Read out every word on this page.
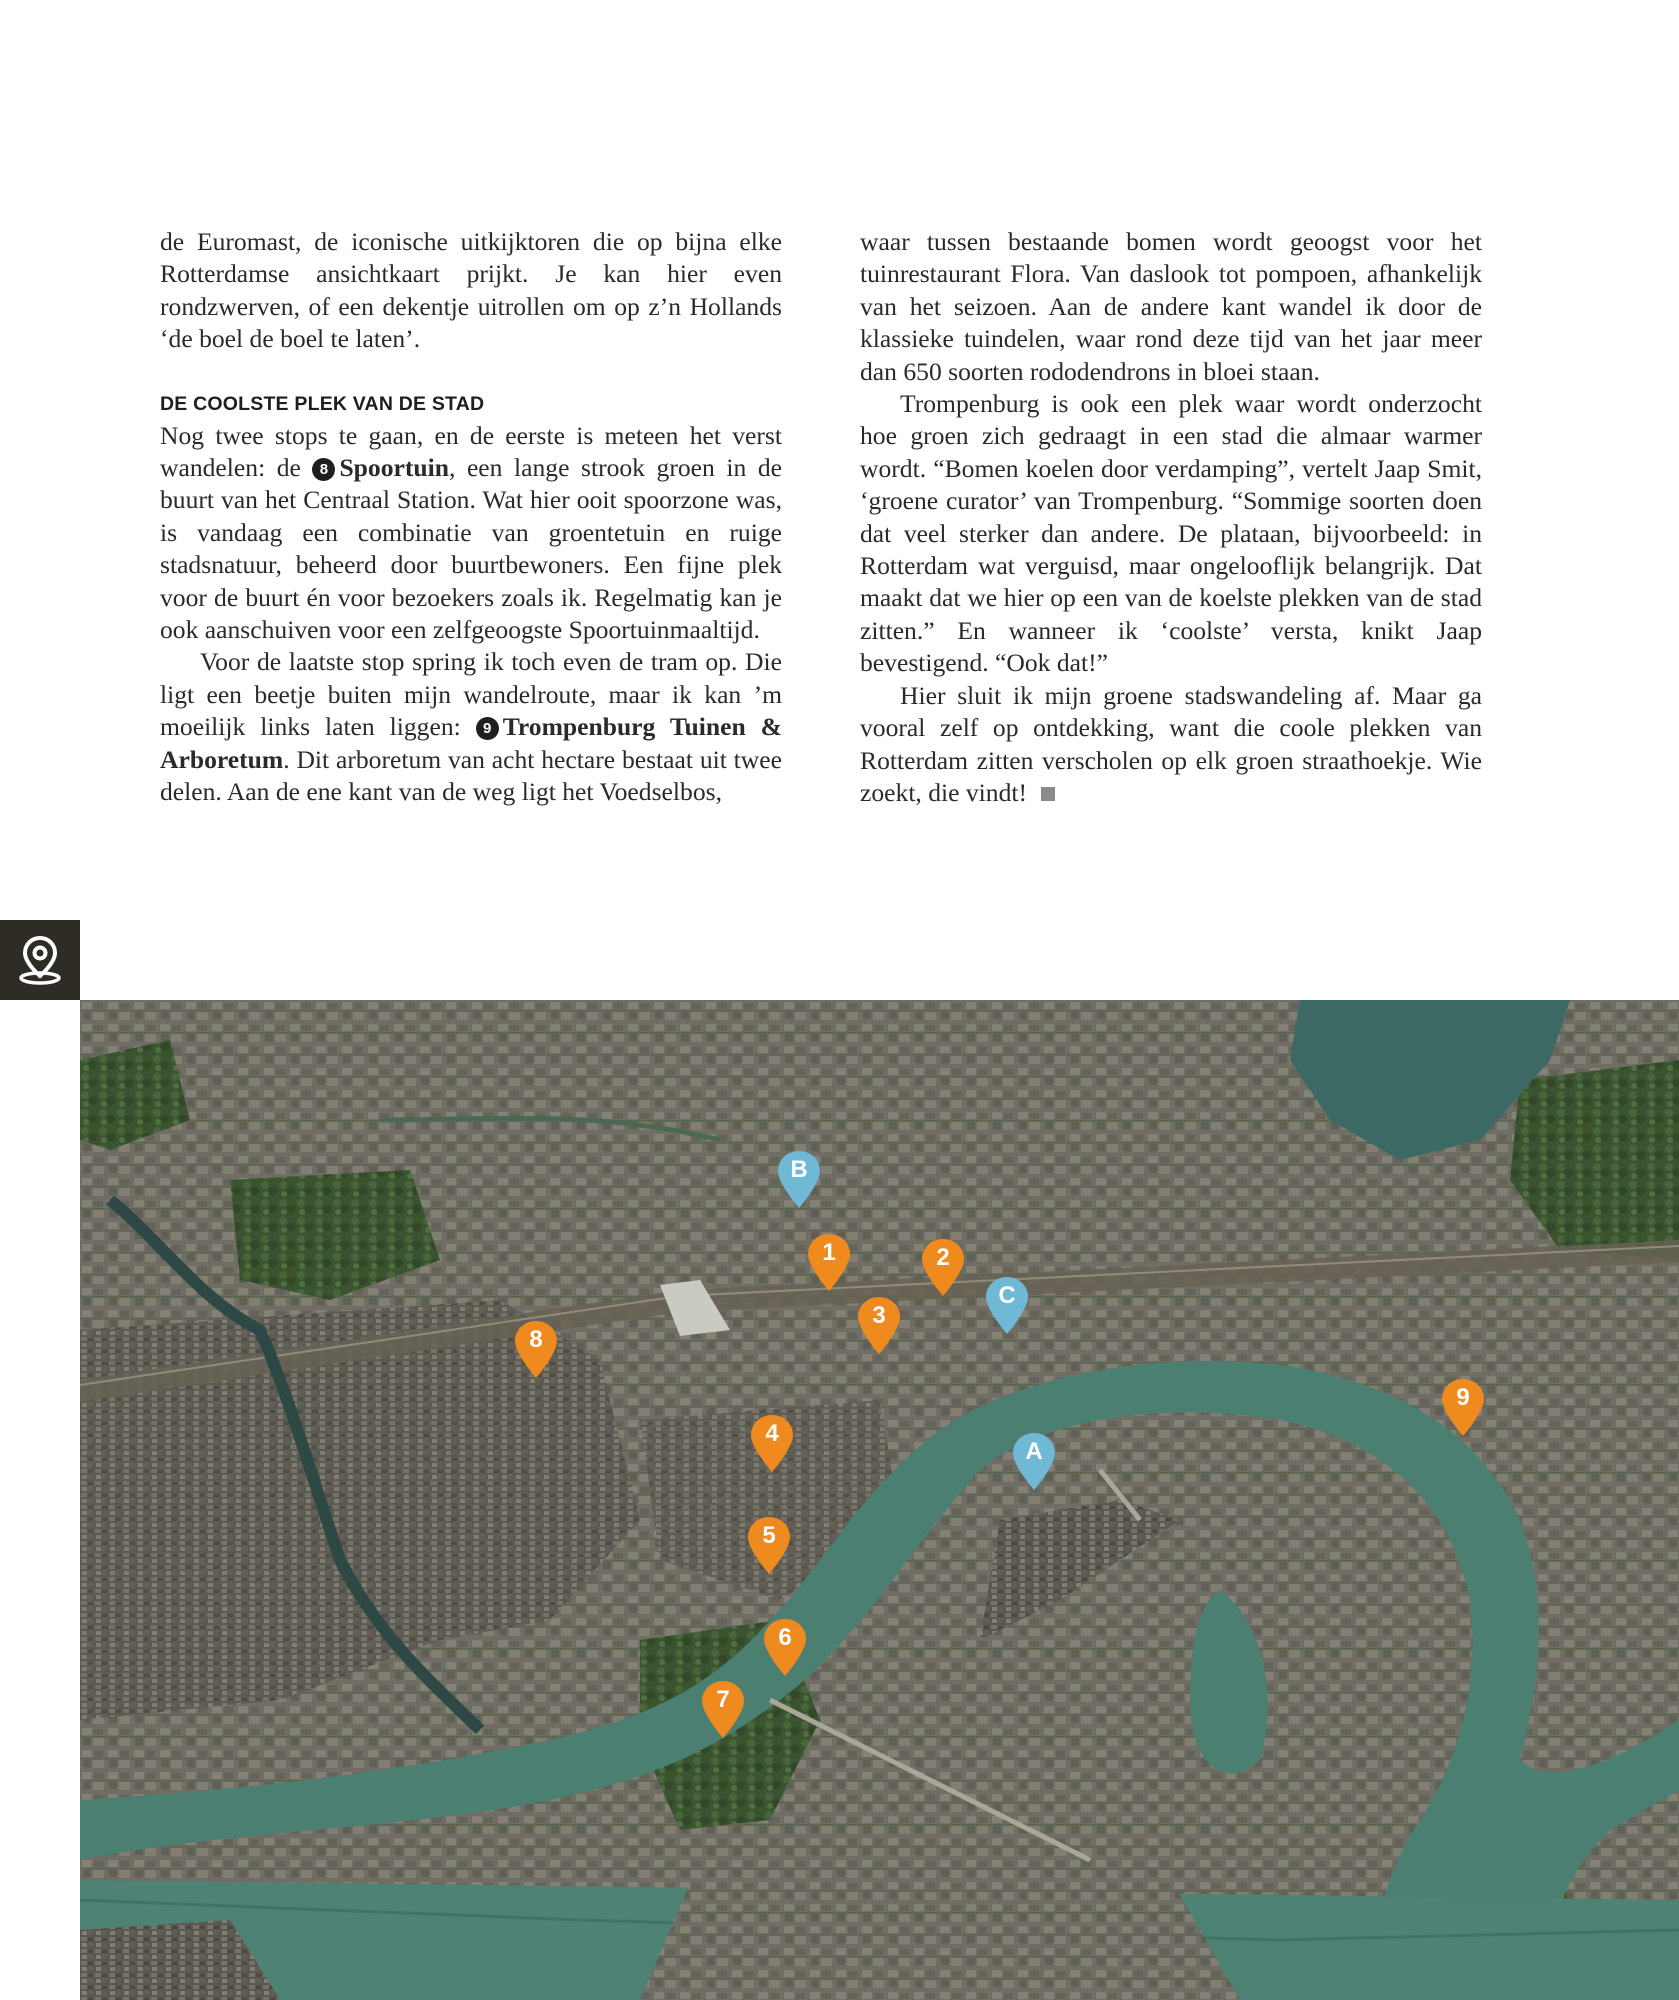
de Euromast, de iconische uitkijktoren die op bijna elke Rotterdamse ansichtkaart prijkt. Je kan hier even rondzwerven, of een dekentje uitrollen om op z’n Hollands ‘de boel de boel te laten’.

DE COOLSTE PLEK VAN DE STAD

Nog twee stops te gaan, en de eerste is meteen het verst wandelen: de 8 Spoortuin, een lange strook groen in de buurt van het Centraal Station. Wat hier ooit spoorzone was, is vandaag een combinatie van groentetuin en ruige stadsnatuur, beheerd door buurtbewoners. Een fijne plek voor de buurt én voor bezoekers zoals ik. Regelmatig kan je ook aanschuiven voor een zelfgeoogste Spoortuinmaaltijd.

Voor de laatste stop spring ik toch even de tram op. Die ligt een beetje buiten mijn wandelroute, maar ik kan ’m moeilijk links laten liggen: 9 Trompenburg Tuinen & Arboretum. Dit arboretum van acht hectare bestaat uit twee delen. Aan de ene kant van de weg ligt het Voedselbos,

waar tussen bestaande bomen wordt geoogst voor het tuinrestaurant Flora. Van daslook tot pompoen, afhankelijk van het seizoen. Aan de andere kant wandel ik door de klassieke tuindelen, waar rond deze tijd van het jaar meer dan 650 soorten rododendrons in bloei staan.

Trompenburg is ook een plek waar wordt onderzocht hoe groen zich gedraagt in een stad die almaar warmer wordt. “Bomen koelen door verdamping”, vertelt Jaap Smit, ‘groene curator’ van Trompenburg. “Sommige soorten doen dat veel sterker dan andere. De plataan, bijvoorbeeld: in Rotterdam wat verguisd, maar ongelooflijk belangrijk. Dat maakt dat we hier op een van de koelste plekken van de stad zitten.” En wanneer ik ‘coolste’ versta, knikt Jaap bevestigend. “Ook dat!”

Hier sluit ik mijn groene stadswandeling af. Maar ga vooral zelf op ontdekking, want die coole plekken van Rotterdam zitten verscholen op elk groen straathoekje. Wie zoekt, die vindt!

1	2
3
4
5
6
7
8
9
A
B
C
